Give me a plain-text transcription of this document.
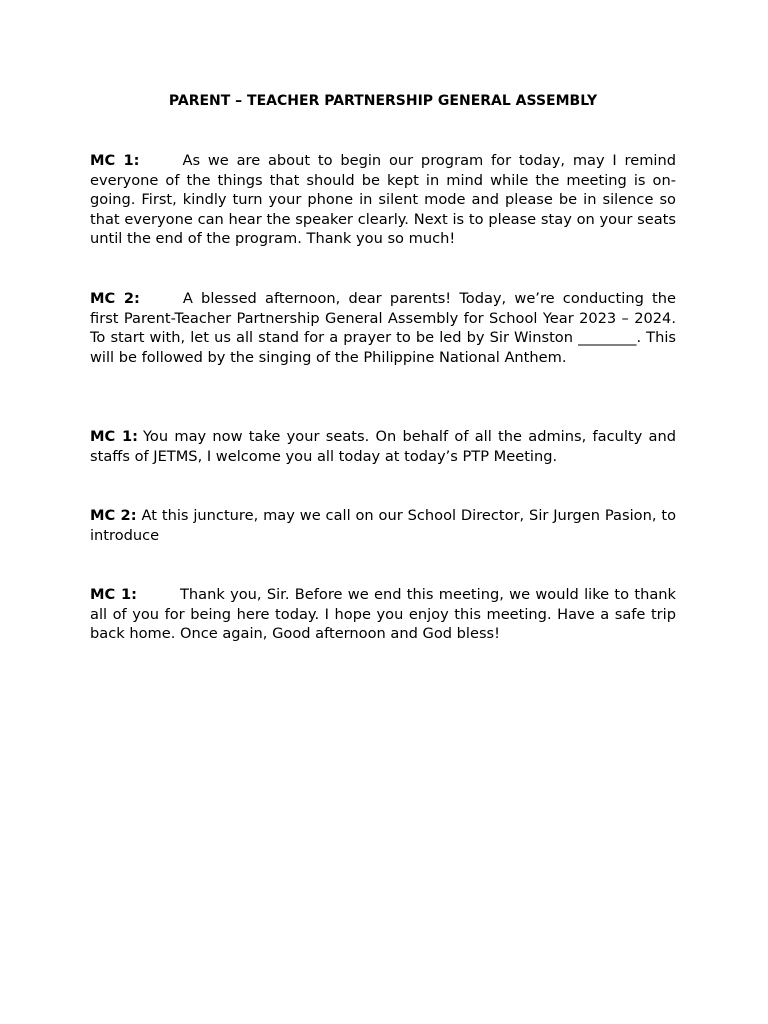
PARENT – TEACHER PARTNERSHIP GENERAL ASSEMBLY

MC 1:	As we are about to begin our program for today, may I remind everyone of the things that should be kept in mind while the meeting is on-going. First, kindly turn your phone in silent mode and please be in silence so that everyone can hear the speaker clearly. Next is to please stay on your seats until the end of the program. Thank you so much!

MC 2:	A blessed afternoon, dear parents! Today, we’re conducting the first Parent-Teacher Partnership General Assembly for School Year 2023 – 2024. To start with, let us all stand for a prayer to be led by Sir Winston ________. This will be followed by the singing of the Philippine National Anthem.

MC 1: You may now take your seats. On behalf of all the admins, faculty and staffs of JETMS, I welcome you all today at today’s PTP Meeting.

MC 2: At this juncture, may we call on our School Director, Sir Jurgen Pasion, to introduce

MC 1:	Thank you, Sir. Before we end this meeting, we would like to thank all of you for being here today. I hope you enjoy this meeting. Have a safe trip back home. Once again, Good afternoon and God bless!
